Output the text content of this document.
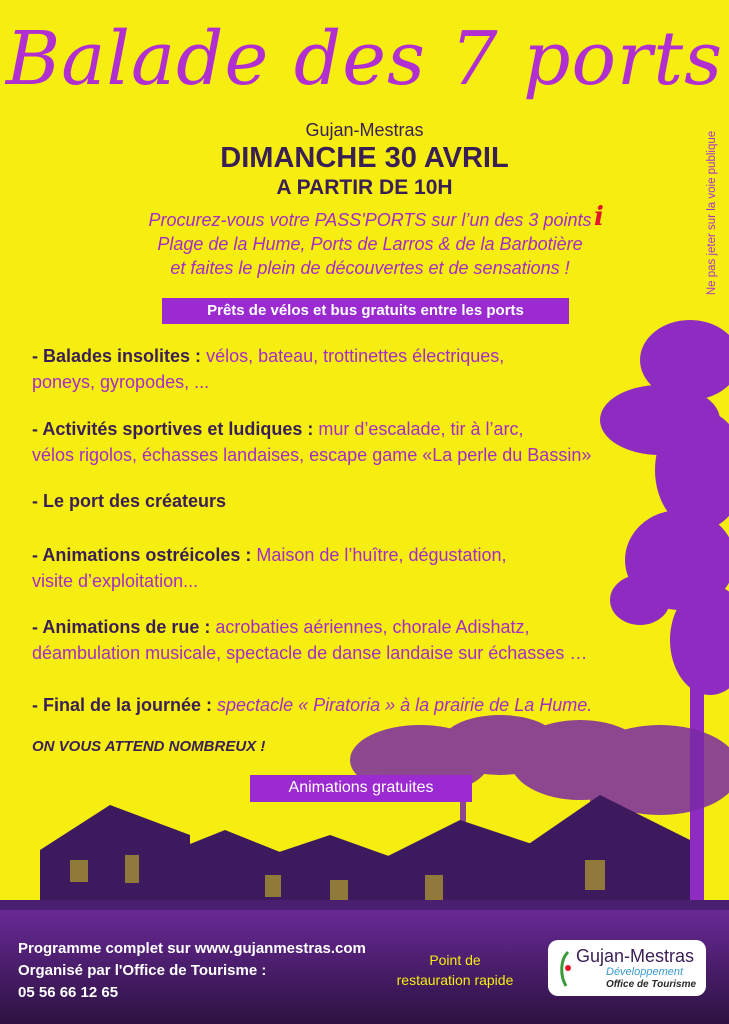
Balade des 7 ports
Gujan-Mestras
DIMANCHE 30 AVRIL
A PARTIR DE 10H
Procurez-vous votre PASS'PORTS sur l’un des 3 points
Plage de la Hume, Ports de Larros & de la Barbotière
et faites le plein de découvertes et de sensations !
i	Ne pas jeter sur la voie publique
Prêts de vélos et bus gratuits entre les ports
- Balades insolites : vélos, bateau, trottinettes électriques,
poneys, gyropodes, ...
- Activités sportives et ludiques : mur d’escalade, tir à l’arc,
vélos rigolos, échasses landaises, escape game «La perle du Bassin»
- Le port des créateurs
- Animations ostréicoles : Maison de l’huître, dégustation,
visite d’exploitation...
- Animations de rue : acrobaties aériennes, chorale Adishatz,
déambulation musicale, spectacle de danse landaise sur échasses …
- Final de la journée : spectacle « Piratoria » à la prairie de La Hume.
ON VOUS ATTEND NOMBREUX !
Animations gratuites
Programme complet sur www.gujanmestras.com
Organisé par l'Office de Tourisme :
05 56 66 12 65
Point de
restauration rapide
Gujan-Mestras
Développement
Office de Tourisme
